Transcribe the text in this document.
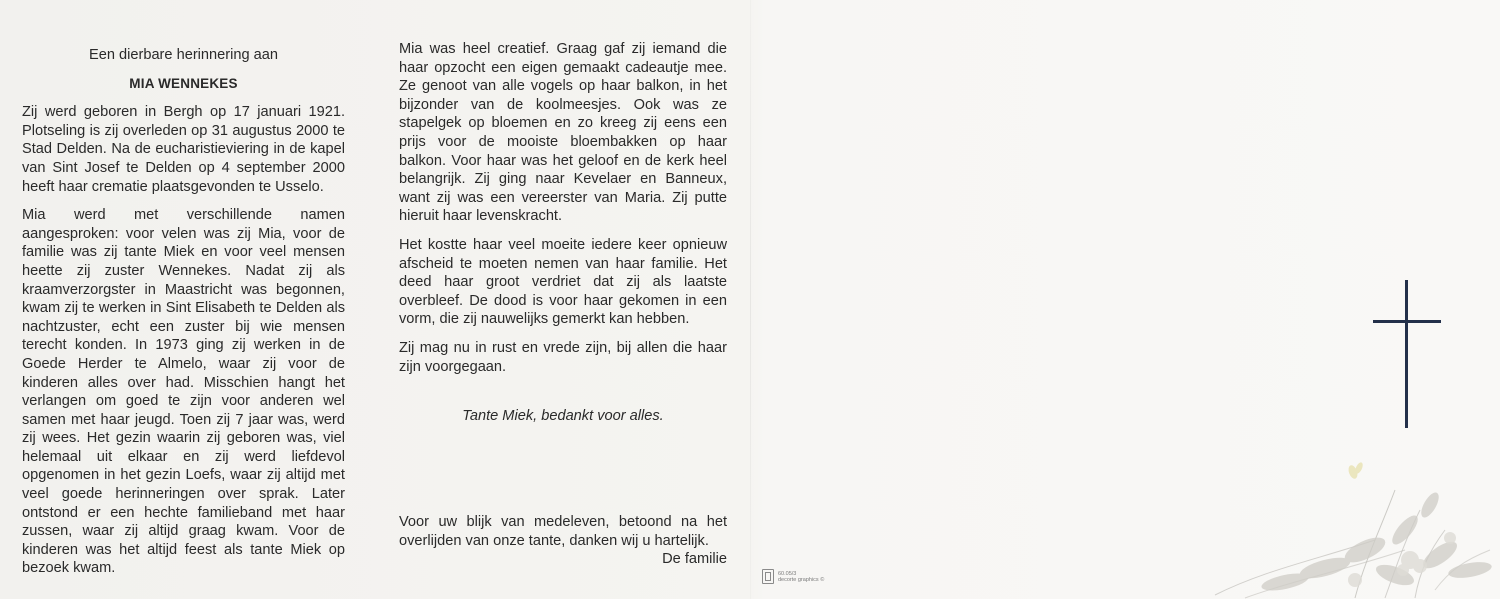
Een dierbare herinnering aan
MIA WENNEKES

Zij werd geboren in Bergh op 17 januari 1921. Plotseling is zij overleden op 31 augustus 2000 te Stad Delden. Na de eucharistieviering in de kapel van Sint Josef te Delden op 4 september 2000 heeft haar crematie plaatsgevonden te Usselo.

Mia werd met verschillende namen aangesproken: voor velen was zij Mia, voor de familie was zij tante Miek en voor veel mensen heette zij zuster Wennekes. Nadat zij als kraamverzorgster in Maastricht was begonnen, kwam zij te werken in Sint Elisabeth te Delden als nachtzuster, echt een zuster bij wie mensen terecht konden. In 1973 ging zij werken in de Goede Herder te Almelo, waar zij voor de kinderen alles over had. Misschien hangt het verlangen om goed te zijn voor anderen wel samen met haar jeugd. Toen zij 7 jaar was, werd zij wees. Het gezin waarin zij geboren was, viel helemaal uit elkaar en zij werd liefdevol opgenomen in het gezin Loefs, waar zij altijd met veel goede herinneringen over sprak. Later ontstond er een hechte familieband met haar zussen, waar zij altijd graag kwam. Voor de kinderen was het altijd feest als tante Miek op bezoek kwam.

Mia was heel creatief. Graag gaf zij iemand die haar opzocht een eigen gemaakt cadeautje mee. Ze genoot van alle vogels op haar balkon, in het bijzonder van de koolmeesjes. Ook was ze stapelgek op bloemen en zo kreeg zij eens een prijs voor de mooiste bloembakken op haar balkon. Voor haar was het geloof en de kerk heel belangrijk. Zij ging naar Kevelaer en Banneux, want zij was een vereerster van Maria. Zij putte hieruit haar levenskracht.

Het kostte haar veel moeite iedere keer opnieuw afscheid te moeten nemen van haar familie. Het deed haar groot verdriet dat zij als laatste overbleef. De dood is voor haar gekomen in een vorm, die zij nauwelijks gemerkt kan hebben.

Zij mag nu in rust en vrede zijn, bij allen die haar zijn voorgegaan.

Tante Miek, bedankt voor alles.
Voor uw blijk van medeleven, betoond na het overlijden van onze tante, danken wij u hartelijk.
De familie
60.05/3
decorte graphics ©
